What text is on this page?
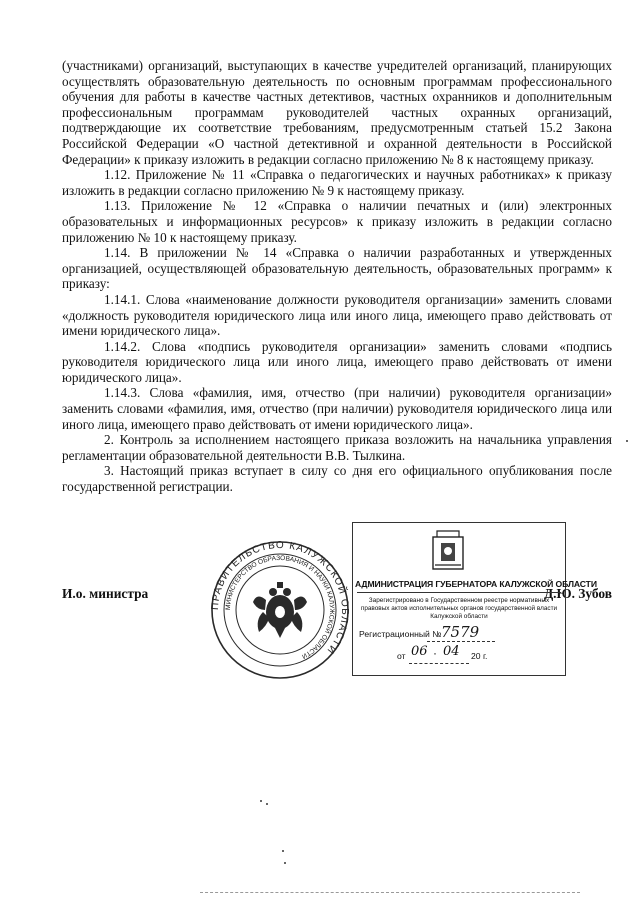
(участниками) организаций, выступающих в качестве учредителей организаций, планирующих осуществлять образовательную деятельность по основным программам профессионального обучения для работы в качестве частных детективов, частных охранников и дополнительным профессиональным программам руководителей частных охранных организаций, подтверждающие их соответствие требованиям, предусмотренным статьей 15.2 Закона Российской Федерации «О частной детективной и охранной деятельности в Российской Федерации» к приказу изложить в редакции согласно приложению № 8 к настоящему приказу.

1.12. Приложение № 11 «Справка о педагогических и научных работниках» к приказу изложить в редакции согласно приложению № 9 к настоящему приказу.

1.13. Приложение № 12 «Справка о наличии печатных и (или) электронных образовательных и информационных ресурсов» к приказу изложить в редакции согласно приложению № 10 к настоящему приказу.

1.14. В приложении № 14 «Справка о наличии разработанных и утвержденных организацией, осуществляющей образовательную деятельность, образовательных программ» к приказу:

1.14.1. Слова «наименование должности руководителя организации» заменить словами «должность руководителя юридического лица или иного лица, имеющего право действовать от имени юридического лица».

1.14.2. Слова «подпись руководителя организации» заменить словами «подпись руководителя юридического лица или иного лица, имеющего право действовать от имени юридического лица».

1.14.3. Слова «фамилия, имя, отчество (при наличии) руководителя организации» заменить словами «фамилия, имя, отчество (при наличии) руководителя юридического лица или иного лица, имеющего право действовать от имени юридического лица».

2. Контроль за исполнением настоящего приказа возложить на начальника управления регламентации образовательной деятельности В.В. Тылкина.

3. Настоящий приказ вступает в силу со дня его официального опубликования после государственной регистрации.

ПРАВИТЕЛЬСТВО КАЛУЖСКОЙ ОБЛАСТИ
МИНИСТЕРСТВО ОБРАЗОВАНИЯ И НАУКИ КАЛУЖСКОЙ ОБЛАСТИ
И.о. министра	Д.Ю. Зубов
АДМИНИСТРАЦИЯ ГУБЕРНАТОРА КАЛУЖСКОЙ ОБЛАСТИ
Зарегистрировано в Государственном реестре нормативных
правовых актов исполнительных органов государственной власти
Калужской области
Регистрационный № 7579
от 06 · 04 20 г.
